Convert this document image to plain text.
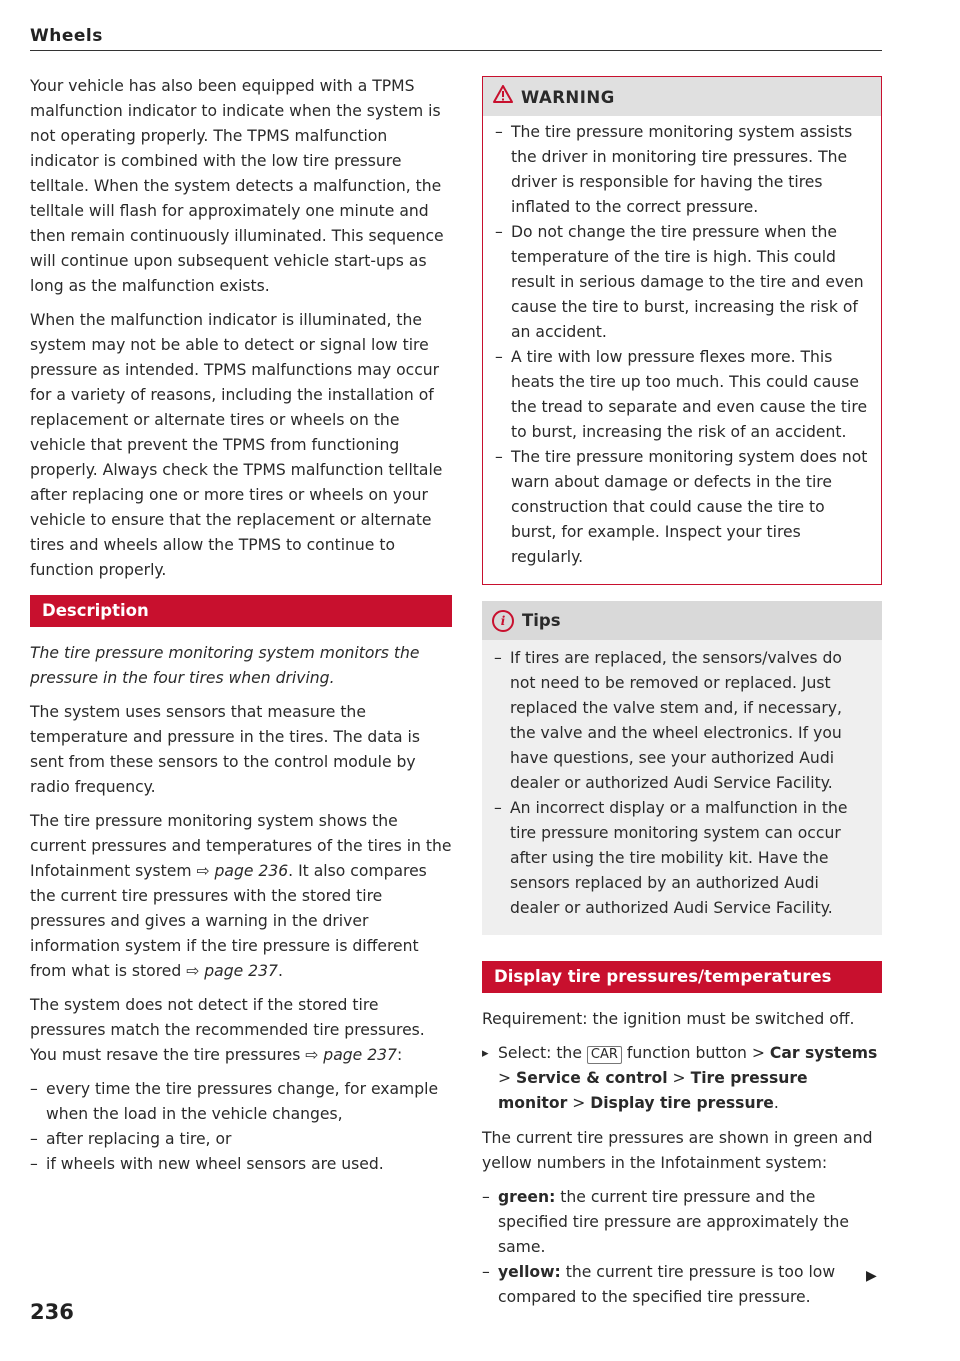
Wheels

Your vehicle has also been equipped with a TPMS malfunction indicator to indicate when the system is not operating properly. The TPMS malfunction indicator is combined with the low tire pressure telltale. When the system detects a malfunction, the telltale will flash for approximately one minute and then remain continuously illuminated. This sequence will continue upon subsequent vehicle start-ups as long as the malfunction exists.

When the malfunction indicator is illuminated, the system may not be able to detect or signal low tire pressure as intended. TPMS malfunctions may occur for a variety of reasons, including the installation of replacement or alternate tires or wheels on the vehicle that prevent the TPMS from functioning properly. Always check the TPMS malfunction telltale after replacing one or more tires or wheels on your vehicle to ensure that the replacement or alternate tires and wheels allow the TPMS to continue to function properly.

Description

The tire pressure monitoring system monitors the pressure in the four tires when driving.

The system uses sensors that measure the temperature and pressure in the tires. The data is sent from these sensors to the control module by radio frequency.

The tire pressure monitoring system shows the current pressures and temperatures of the tires in the Infotainment system ⇨ page 236. It also compares the current tire pressures with the stored tire pressures and gives a warning in the driver information system if the tire pressure is different from what is stored ⇨ page 237.

The system does not detect if the stored tire pressures match the recommended tire pressures. You must resave the tire pressures ⇨ page 237:

– every time the tire pressures change, for example when the load in the vehicle changes,
– after replacing a tire, or
– if wheels with new wheel sensors are used.
WARNING
– The tire pressure monitoring system assists the driver in monitoring tire pressures. The driver is responsible for having the tires inflated to the correct pressure.
– Do not change the tire pressure when the temperature of the tire is high. This could result in serious damage to the tire and even cause the tire to burst, increasing the risk of an accident.
– A tire with low pressure flexes more. This heats the tire up too much. This could cause the tread to separate and even cause the tire to burst, increasing the risk of an accident.
– The tire pressure monitoring system does not warn about damage or defects in the tire construction that could cause the tire to burst, for example. Inspect your tires regularly.
i	Tips
– If tires are replaced, the sensors/valves do not need to be removed or replaced. Just replaced the valve stem and, if necessary, the valve and the wheel electronics. If you have questions, see your authorized Audi dealer or authorized Audi Service Facility.
– An incorrect display or a malfunction in the tire pressure monitoring system can occur after using the tire mobility kit. Have the sensors replaced by an authorized Audi dealer or authorized Audi Service Facility.
Display tire pressures/temperatures

Requirement: the ignition must be switched off.

▸ Select: the CAR function button > Car systems > Service & control > Tire pressure monitor > Display tire pressure.

The current tire pressures are shown in green and yellow numbers in the Infotainment system:

– green: the current tire pressure and the specified tire pressure are approximately the same.
– yellow: the current tire pressure is too low compared to the specified tire pressure.
▶
236
